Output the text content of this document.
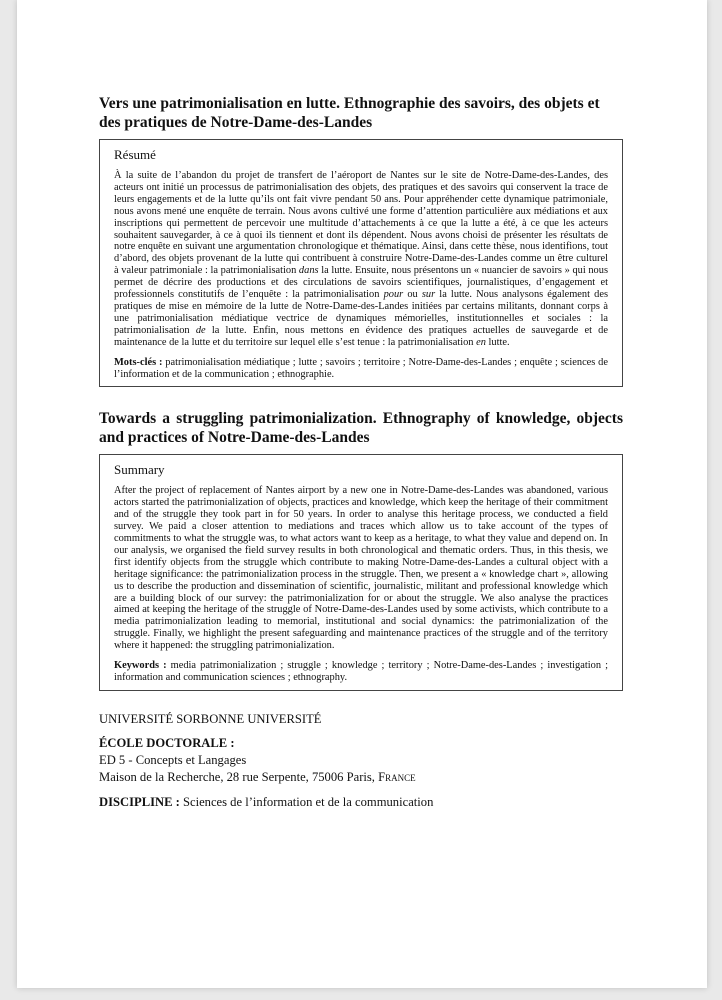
Vers une patrimonialisation en lutte. Ethnographie des savoirs, des objets et des pratiques de Notre-Dame-des-Landes
Résumé

À la suite de l’abandon du projet de transfert de l’aéroport de Nantes sur le site de Notre-Dame-des-Landes, des acteurs ont initié un processus de patrimonialisation des objets, des pratiques et des savoirs qui conservent la trace de leurs engagements et de la lutte qu’ils ont fait vivre pendant 50 ans. Pour appréhender cette dynamique patrimoniale, nous avons mené une enquête de terrain. Nous avons cultivé une forme d’attention particulière aux médiations et aux inscriptions qui permettent de percevoir une multitude d’attachements à ce que la lutte a été, à ce que les acteurs souhaitent sauvegarder, à ce à quoi ils tiennent et dont ils dépendent. Nous avons choisi de présenter les résultats de notre enquête en suivant une argumentation chronologique et thématique. Ainsi, dans cette thèse, nous identifions, tout d’abord, des objets provenant de la lutte qui contribuent à construire Notre-Dame-des-Landes comme un être culturel à valeur patrimoniale : la patrimonialisation dans la lutte. Ensuite, nous présentons un « nuancier de savoirs » qui nous permet de décrire des productions et des circulations de savoirs scientifiques, journalistiques, d’engagement et professionnels constitutifs de l’enquête : la patrimonialisation pour ou sur la lutte. Nous analysons également des pratiques de mise en mémoire de la lutte de Notre-Dame-des-Landes initiées par certains militants, donnant corps à une patrimonialisation médiatique vectrice de dynamiques mémorielles, institutionnelles et sociales : la patrimonialisation de la lutte. Enfin, nous mettons en évidence des pratiques actuelles de sauvegarde et de maintenance de la lutte et du territoire sur lequel elle s’est tenue : la patrimonialisation en lutte.

Mots-clés : patrimonialisation médiatique ; lutte ; savoirs ; territoire ; Notre-Dame-des-Landes ; enquête ; sciences de l’information et de la communication ; ethnographie.

Towards a struggling patrimonialization. Ethnography of knowledge, objects and practices of Notre-Dame-des-Landes
Summary

After the project of replacement of Nantes airport by a new one in Notre-Dame-des-Landes was abandoned, various actors started the patrimonialization of objects, practices and knowledge, which keep the heritage of their commitment and of the struggle they took part in for 50 years. In order to analyse this heritage process, we conducted a field survey. We paid a closer attention to mediations and traces which allow us to take account of the types of commitments to what the struggle was, to what actors want to keep as a heritage, to what they value and depend on. In our analysis, we organised the field survey results in both chronological and thematic orders. Thus, in this thesis, we first identify objects from the struggle which contribute to making Notre-Dame-des-Landes a cultural object with a heritage significance: the patrimonialization process in the struggle. Then, we present a « knowledge chart », allowing us to describe the production and dissemination of scientific, journalistic, militant and professional knowledge which are a building block of our survey: the patrimonialization for or about the struggle. We also analyse the practices aimed at keeping the heritage of the struggle of Notre-Dame-des-Landes used by some activists, which contribute to a media patrimonialization leading to memorial, institutional and social dynamics: the patrimonialization of the struggle. Finally, we highlight the present safeguarding and maintenance practices of the struggle and of the territory where it happened: the struggling patrimonialization.

Keywords : media patrimonialization ; struggle ; knowledge ; territory ; Notre-Dame-des-Landes ; investigation ; information and communication sciences ; ethnography.

UNIVERSITÉ SORBONNE UNIVERSITÉ
ÉCOLE DOCTORALE :
ED 5 - Concepts et Langages
Maison de la Recherche, 28 rue Serpente, 75006 Paris, France
DISCIPLINE : Sciences de l’information et de la communication
